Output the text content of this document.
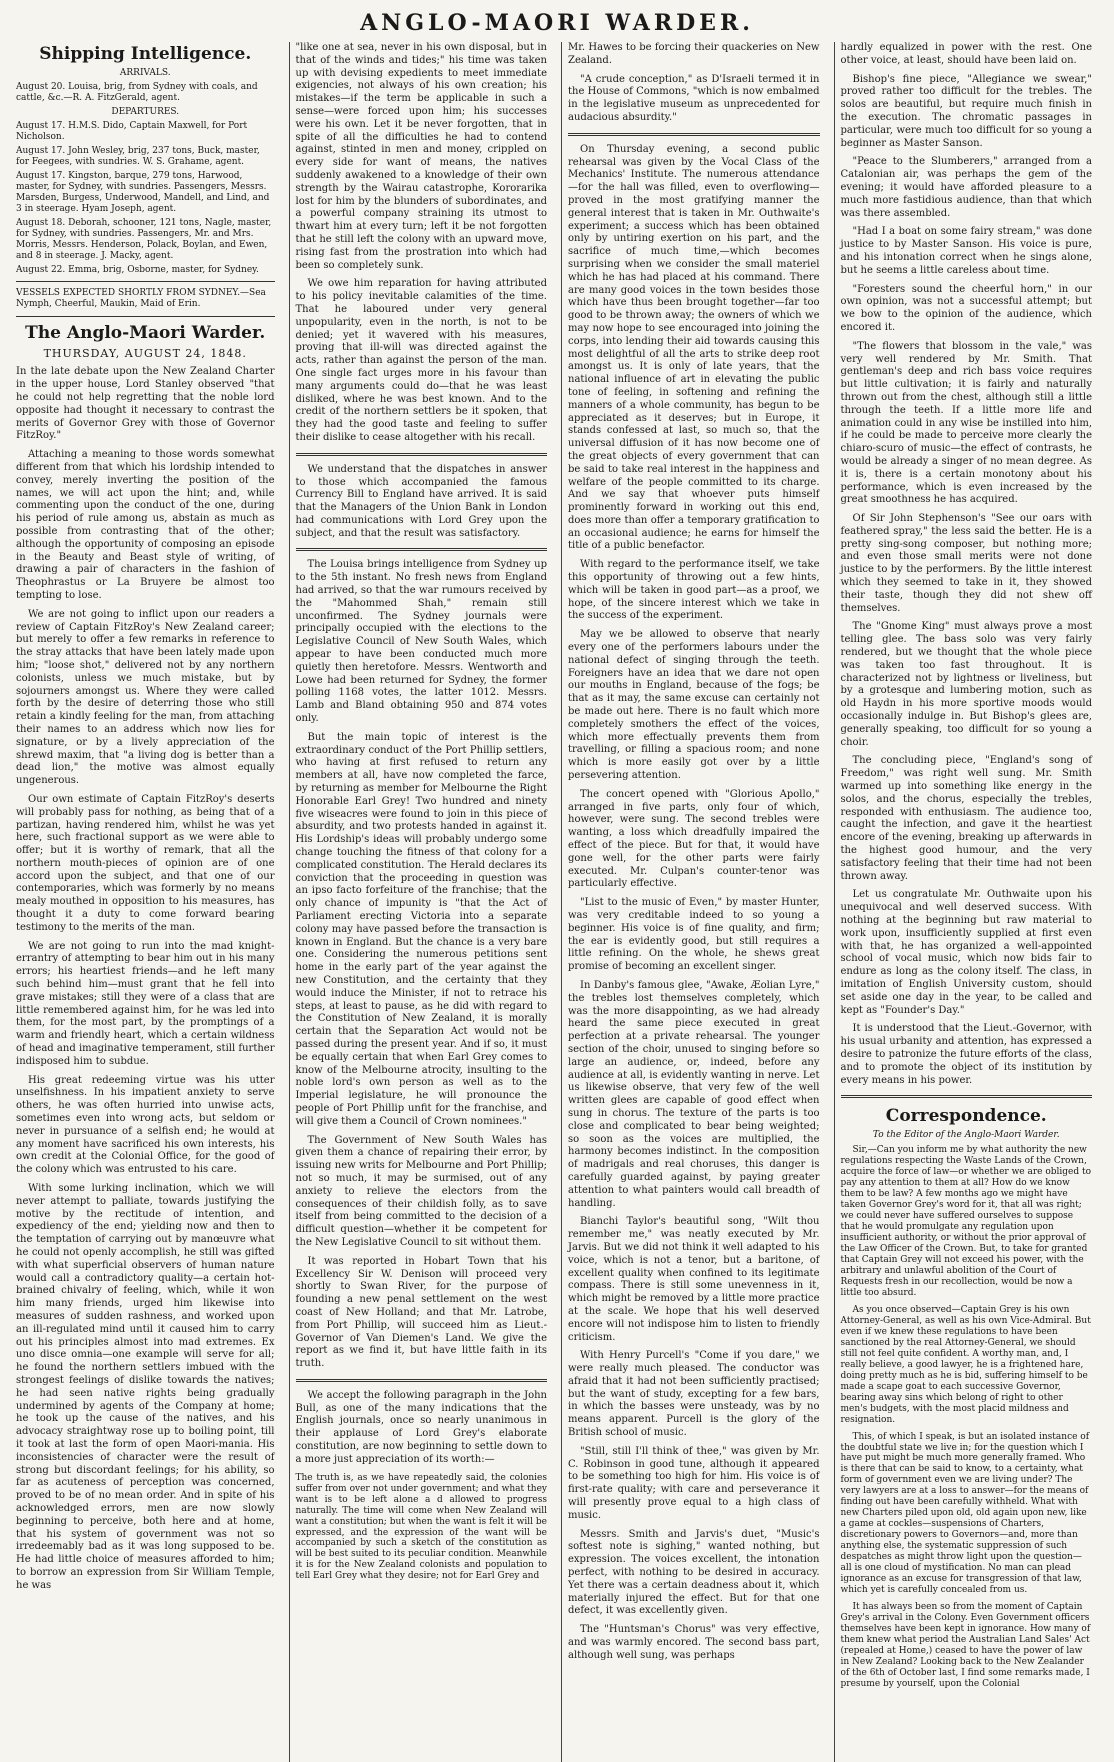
ANGLO-MAORI WARDER.
Shipping Intelligence.
ARRIVALS.
August 20. Louisa, brig, from Sydney with coals, and cattle, &c.—R. A. FitzGerald, agent.
DEPARTURES.
August 17. H.M.S. Dido, Captain Maxwell, for Port Nicholson.
August 17. John Wesley, brig, 237 tons, Buck, master, for Feegees, with sundries. W. S. Grahame, agent.
August 17. Kingston, barque, 279 tons, Harwood, master, for Sydney, with sundries. Passengers, Messrs. Marsden, Burgess, Underwood, Mandell, and Lind, and 3 in steerage. Hyam Joseph, agent.
August 18. Deborah, schooner, 121 tons, Nagle, master, for Sydney, with sundries. Passengers, Mr. and Mrs. Morris, Messrs. Henderson, Polack, Boylan, and Ewen, and 8 in steerage. J. Macky, agent.
August 22. Emma, brig, Osborne, master, for Sydney.
VESSELS EXPECTED SHORTLY FROM SYDNEY.—Sea Nymph, Cheerful, Maukin, Maid of Erin.
The Anglo-Maori Warder.
THURSDAY, AUGUST 24, 1848.

In the late debate upon the New Zealand Charter in the upper house, Lord Stanley observed "that he could not help regretting that the noble lord opposite had thought it necessary to contrast the merits of Governor Grey with those of Governor FitzRoy."

Attaching a meaning to those words somewhat different from that which his lordship intended to convey, merely inverting the position of the names, we will act upon the hint; and, while commenting upon the conduct of the one, during his period of rule among us, abstain as much as possible from contrasting that of the other; although the opportunity of composing an episode in the Beauty and Beast style of writing, of drawing a pair of characters in the fashion of Theophrastus or La Bruyere be almost too tempting to lose.

We are not going to inflict upon our readers a review of Captain FitzRoy's New Zealand career; but merely to offer a few remarks in reference to the stray attacks that have been lately made upon him; "loose shot," delivered not by any northern colonists, unless we much mistake, but by sojourners amongst us. Where they were called forth by the desire of deterring those who still retain a kindly feeling for the man, from attaching their names to an address which now lies for signature, or by a lively appreciation of the shrewd maxim, that "a living dog is better than a dead lion," the motive was almost equally ungenerous.

Our own estimate of Captain FitzRoy's deserts will probably pass for nothing, as being that of a partizan, having rendered him, whilst he was yet here, such fractional support as we were able to offer; but it is worthy of remark, that all the northern mouth-pieces of opinion are of one accord upon the subject, and that one of our contemporaries, which was formerly by no means mealy mouthed in opposition to his measures, has thought it a duty to come forward bearing testimony to the merits of the man.

We are not going to run into the mad knight-errantry of attempting to bear him out in his many errors; his heartiest friends—and he left many such behind him—must grant that he fell into grave mistakes; still they were of a class that are little remembered against him, for he was led into them, for the most part, by the promptings of a warm and friendly heart, which a certain wildness of head and imaginative temperament, still further indisposed him to subdue.

His great redeeming virtue was his utter unselfishness. In his impatient anxiety to serve others, he was often hurried into unwise acts, sometimes even into wrong acts, but seldom or never in pursuance of a selfish end; he would at any moment have sacrificed his own interests, his own credit at the Colonial Office, for the good of the colony which was entrusted to his care.

With some lurking inclination, which we will never attempt to palliate, towards justifying the motive by the rectitude of intention, and expediency of the end; yielding now and then to the temptation of carrying out by manœuvre what he could not openly accomplish, he still was gifted with what superficial observers of human nature would call a contradictory quality—a certain hot-brained chivalry of feeling, which, while it won him many friends, urged him likewise into measures of sudden rashness, and worked upon an ill-regulated mind until it caused him to carry out his principles almost into mad extremes. Ex uno disce omnia—one example will serve for all; he found the northern settlers imbued with the strongest feelings of dislike towards the natives; he had seen native rights being gradually undermined by agents of the Company at home; he took up the cause of the natives, and his advocacy straightway rose up to boiling point, till it took at last the form of open Maori-mania. His inconsistencies of character were the result of strong but discordant feelings; for his ability, so far as acuteness of perception was concerned, proved to be of no mean order. And in spite of his acknowledged errors, men are now slowly beginning to perceive, both here and at home, that his system of government was not so irredeemably bad as it was long supposed to be. He had little choice of measures afforded to him; to borrow an expression from Sir William Temple, he was

"like one at sea, never in his own disposal, but in that of the winds and tides;" his time was taken up with devising expedients to meet immediate exigencies, not always of his own creation; his mistakes—if the term be applicable in such a sense—were forced upon him; his successes were his own. Let it be never forgotten, that in spite of all the difficulties he had to contend against, stinted in men and money, crippled on every side for want of means, the natives suddenly awakened to a knowledge of their own strength by the Wairau catastrophe, Kororarika lost for him by the blunders of subordinates, and a powerful company straining its utmost to thwart him at every turn; left it be not forgotten that he still left the colony with an upward move, rising fast from the prostration into which had been so completely sunk.

We owe him reparation for having attributed to his policy inevitable calamities of the time. That he laboured under very general unpopularity, even in the north, is not to be denied; yet it wavered with his measures, proving that ill-will was directed against the acts, rather than against the person of the man. One single fact urges more in his favour than many arguments could do—that he was least disliked, where he was best known. And to the credit of the northern settlers be it spoken, that they had the good taste and feeling to suffer their dislike to cease altogether with his recall.

We understand that the dispatches in answer to those which accompanied the famous Currency Bill to England have arrived. It is said that the Managers of the Union Bank in London had communications with Lord Grey upon the subject, and that the result was satisfactory.

The Louisa brings intelligence from Sydney up to the 5th instant. No fresh news from England had arrived, so that the war rumours received by the "Mahommed Shah," remain still unconfirmed. The Sydney journals were principally occupied with the elections to the Legislative Council of New South Wales, which appear to have been conducted much more quietly then heretofore. Messrs. Wentworth and Lowe had been returned for Sydney, the former polling 1168 votes, the latter 1012. Messrs. Lamb and Bland obtaining 950 and 874 votes only.

But the main topic of interest is the extraordinary conduct of the Port Phillip settlers, who having at first refused to return any members at all, have now completed the farce, by returning as member for Melbourne the Right Honorable Earl Grey! Two hundred and ninety five wiseacres were found to join in this piece of absurdity, and two protests handed in against it. His Lordship's ideas will probably undergo some change touching the fitness of that colony for a complicated constitution. The Herald declares its conviction that the proceeding in question was an ipso facto forfeiture of the franchise; that the only chance of impunity is "that the Act of Parliament erecting Victoria into a separate colony may have passed before the transaction is known in England. But the chance is a very bare one. Considering the numerous petitions sent home in the early part of the year against the new Constitution, and the certainty that they would induce the Minister, if not to retrace his steps, at least to pause, as he did with regard to the Constitution of New Zealand, it is morally certain that the Separation Act would not be passed during the present year. And if so, it must be equally certain that when Earl Grey comes to know of the Melbourne atrocity, insulting to the noble lord's own person as well as to the Imperial legislature, he will pronounce the people of Port Phillip unfit for the franchise, and will give them a Council of Crown nominees."

The Government of New South Wales has given them a chance of repairing their error, by issuing new writs for Melbourne and Port Phillip; not so much, it may be surmised, out of any anxiety to relieve the electors from the consequences of their childish folly, as to save itself from being committed to the decision of a difficult question—whether it be competent for the New Legislative Council to sit without them.

It was reported in Hobart Town that his Excellency Sir W. Denison will proceed very shortly to Swan River, for the purpose of founding a new penal settlement on the west coast of New Holland; and that Mr. Latrobe, from Port Phillip, will succeed him as Lieut.-Governor of Van Diemen's Land. We give the report as we find it, but have little faith in its truth.

We accept the following paragraph in the John Bull, as one of the many indications that the English journals, once so nearly unanimous in their applause of Lord Grey's elaborate constitution, are now beginning to settle down to a more just appreciation of its worth:—

The truth is, as we have repeatedly said, the colonies suffer from over not under government; and what they want is to be left alone a d allowed to progress naturally. The time will come when New Zealand will want a constitution; but when the want is felt it will be expressed, and the expression of the want will be accompanied by such a sketch of the constitution as will be best suited to its peculiar condition. Meanwhile it is for the New Zealand colonists and population to tell Earl Grey what they desire; not for Earl Grey and

Mr. Hawes to be forcing their quackeries on New Zealand.

"A crude conception," as D'Israeli termed it in the House of Commons, "which is now embalmed in the legislative museum as unprecedented for audacious absurdity."

On Thursday evening, a second public rehearsal was given by the Vocal Class of the Mechanics' Institute. The numerous attendance—for the hall was filled, even to overflowing—proved in the most gratifying manner the general interest that is taken in Mr. Outhwaite's experiment; a success which has been obtained only by untiring exertion on his part, and the sacrifice of much time,—which becomes surprising when we consider the small materiel which he has had placed at his command. There are many good voices in the town besides those which have thus been brought together—far too good to be thrown away; the owners of which we may now hope to see encouraged into joining the corps, into lending their aid towards causing this most delightful of all the arts to strike deep root amongst us. It is only of late years, that the national influence of art in elevating the public tone of feeling, in softening and refining the manners of a whole community, has begun to be appreciated as it deserves; but in Europe, it stands confessed at last, so much so, that the universal diffusion of it has now become one of the great objects of every government that can be said to take real interest in the happiness and welfare of the people committed to its charge. And we say that whoever puts himself prominently forward in working out this end, does more than offer a temporary gratification to an occasional audience; he earns for himself the title of a public benefactor.

With regard to the performance itself, we take this opportunity of throwing out a few hints, which will be taken in good part—as a proof, we hope, of the sincere interest which we take in the success of the experiment.

May we be allowed to observe that nearly every one of the performers labours under the national defect of singing through the teeth. Foreigners have an idea that we dare not open our mouths in England, because of the fogs; be that as it may, the same excuse can certainly not be made out here. There is no fault which more completely smothers the effect of the voices, which more effectually prevents them from travelling, or filling a spacious room; and none which is more easily got over by a little persevering attention.

The concert opened with "Glorious Apollo," arranged in five parts, only four of which, however, were sung. The second trebles were wanting, a loss which dreadfully impaired the effect of the piece. But for that, it would have gone well, for the other parts were fairly executed. Mr. Culpan's counter-tenor was particularly effective.

"List to the music of Even," by master Hunter, was very creditable indeed to so young a beginner. His voice is of fine quality, and firm; the ear is evidently good, but still requires a little refining. On the whole, he shews great promise of becoming an excellent singer.

In Danby's famous glee, "Awake, Æolian Lyre," the trebles lost themselves completely, which was the more disappointing, as we had already heard the same piece executed in great perfection at a private rehearsal. The younger section of the choir, unused to singing before so large an audience, or, indeed, before any audience at all, is evidently wanting in nerve. Let us likewise observe, that very few of the well written glees are capable of good effect when sung in chorus. The texture of the parts is too close and complicated to bear being weighted; so soon as the voices are multiplied, the harmony becomes indistinct. In the composition of madrigals and real choruses, this danger is carefully guarded against, by paying greater attention to what painters would call breadth of handling.

Bianchi Taylor's beautiful song, "Wilt thou remember me," was neatly executed by Mr. Jarvis. But we did not think it well adapted to his voice, which is not a tenor, but a baritone, of excellent quality when confined to its legitimate compass. There is still some unevenness in it, which might be removed by a little more practice at the scale. We hope that his well deserved encore will not indispose him to listen to friendly criticism.

With Henry Purcell's "Come if you dare," we were really much pleased. The conductor was afraid that it had not been sufficiently practised; but the want of study, excepting for a few bars, in which the basses were unsteady, was by no means apparent. Purcell is the glory of the British school of music.

"Still, still I'll think of thee," was given by Mr. C. Robinson in good tune, although it appeared to be something too high for him. His voice is of first-rate quality; with care and perseverance it will presently prove equal to a high class of music.

Messrs. Smith and Jarvis's duet, "Music's softest note is sighing," wanted nothing, but expression. The voices excellent, the intonation perfect, with nothing to be desired in accuracy. Yet there was a certain deadness about it, which materially injured the effect. But for that one defect, it was excellently given.

The "Huntsman's Chorus" was very effective, and was warmly encored. The second bass part, although well sung, was perhaps

hardly equalized in power with the rest. One other voice, at least, should have been laid on.

Bishop's fine piece, "Allegiance we swear," proved rather too difficult for the trebles. The solos are beautiful, but require much finish in the execution. The chromatic passages in particular, were much too difficult for so young a beginner as Master Sanson.

"Peace to the Slumberers," arranged from a Catalonian air, was perhaps the gem of the evening; it would have afforded pleasure to a much more fastidious audience, than that which was there assembled.

"Had I a boat on some fairy stream," was done justice to by Master Sanson. His voice is pure, and his intonation correct when he sings alone, but he seems a little careless about time.

"Foresters sound the cheerful horn," in our own opinion, was not a successful attempt; but we bow to the opinion of the audience, which encored it.

"The flowers that blossom in the vale," was very well rendered by Mr. Smith. That gentleman's deep and rich bass voice requires but little cultivation; it is fairly and naturally thrown out from the chest, although still a little through the teeth. If a little more life and animation could in any wise be instilled into him, if he could be made to perceive more clearly the chiaro-scuro of music—the effect of contrasts, he would be already a singer of no mean degree. As it is, there is a certain monotony about his performance, which is even increased by the great smoothness he has acquired.

Of Sir John Stephenson's "See our oars with feathered spray," the less said the better. He is a pretty sing-song composer, but nothing more; and even those small merits were not done justice to by the performers. By the little interest which they seemed to take in it, they showed their taste, though they did not shew off themselves.

The "Gnome King" must always prove a most telling glee. The bass solo was very fairly rendered, but we thought that the whole piece was taken too fast throughout. It is characterized not by lightness or liveliness, but by a grotesque and lumbering motion, such as old Haydn in his more sportive moods would occasionally indulge in. But Bishop's glees are, generally speaking, too difficult for so young a choir.

The concluding piece, "England's song of Freedom," was right well sung. Mr. Smith warmed up into something like energy in the solos, and the chorus, especially the trebles, responded with enthusiasm. The audience too, caught the infection, and gave it the heartiest encore of the evening, breaking up afterwards in the highest good humour, and the very satisfactory feeling that their time had not been thrown away.

Let us congratulate Mr. Outhwaite upon his unequivocal and well deserved success. With nothing at the beginning but raw material to work upon, insufficiently supplied at first even with that, he has organized a well-appointed school of vocal music, which now bids fair to endure as long as the colony itself. The class, in imitation of English University custom, should set aside one day in the year, to be called and kept as "Founder's Day."

It is understood that the Lieut.-Governor, with his usual urbanity and attention, has expressed a desire to patronize the future efforts of the class, and to promote the object of its institution by every means in his power.

Correspondence.
To the Editor of the Anglo-Maori Warder.

Sir,—Can you inform me by what authority the new regulations respecting the Waste Lands of the Crown, acquire the force of law—or whether we are obliged to pay any attention to them at all? How do we know them to be law? A few months ago we might have taken Governor Grey's word for it, that all was right; we could never have suffered ourselves to suppose that he would promulgate any regulation upon insufficient authority, or without the prior approval of the Law Officer of the Crown. But, to take for granted that Captain Grey will not exceed his power, with the arbitrary and unlawful abolition of the Court of Requests fresh in our recollection, would be now a little too absurd.

As you once observed—Captain Grey is his own Attorney-General, as well as his own Vice-Admiral. But even if we knew these regulations to have been sanctioned by the real Attorney-General, we should still not feel quite confident. A worthy man, and, I really believe, a good lawyer, he is a frightened hare, doing pretty much as he is bid, suffering himself to be made a scape goat to each successive Governor, bearing away sins which belong of right to other men's budgets, with the most placid mildness and resignation.

This, of which I speak, is but an isolated instance of the doubtful state we live in; for the question which I have put might be much more generally framed. Who is there that can be said to know, to a certainty, what form of government even we are living under? The very lawyers are at a loss to answer—for the means of finding out have been carefully withheld. What with new Charters piled upon old, old again upon new, like a game at cockles—suspensions of Charters, discretionary powers to Governors—and, more than anything else, the systematic suppression of such despatches as might throw light upon the question—all is one cloud of mystification. No man can plead ignorance as an excuse for transgression of that law, which yet is carefully concealed from us.

It has always been so from the moment of Captain Grey's arrival in the Colony. Even Government officers themselves have been kept in ignorance. How many of them knew what period the Australian Land Sales' Act (repealed at Home,) ceased to have the power of law in New Zealand? Looking back to the New Zealander of the 6th of October last, I find some remarks made, I presume by yourself, upon the Colonial
